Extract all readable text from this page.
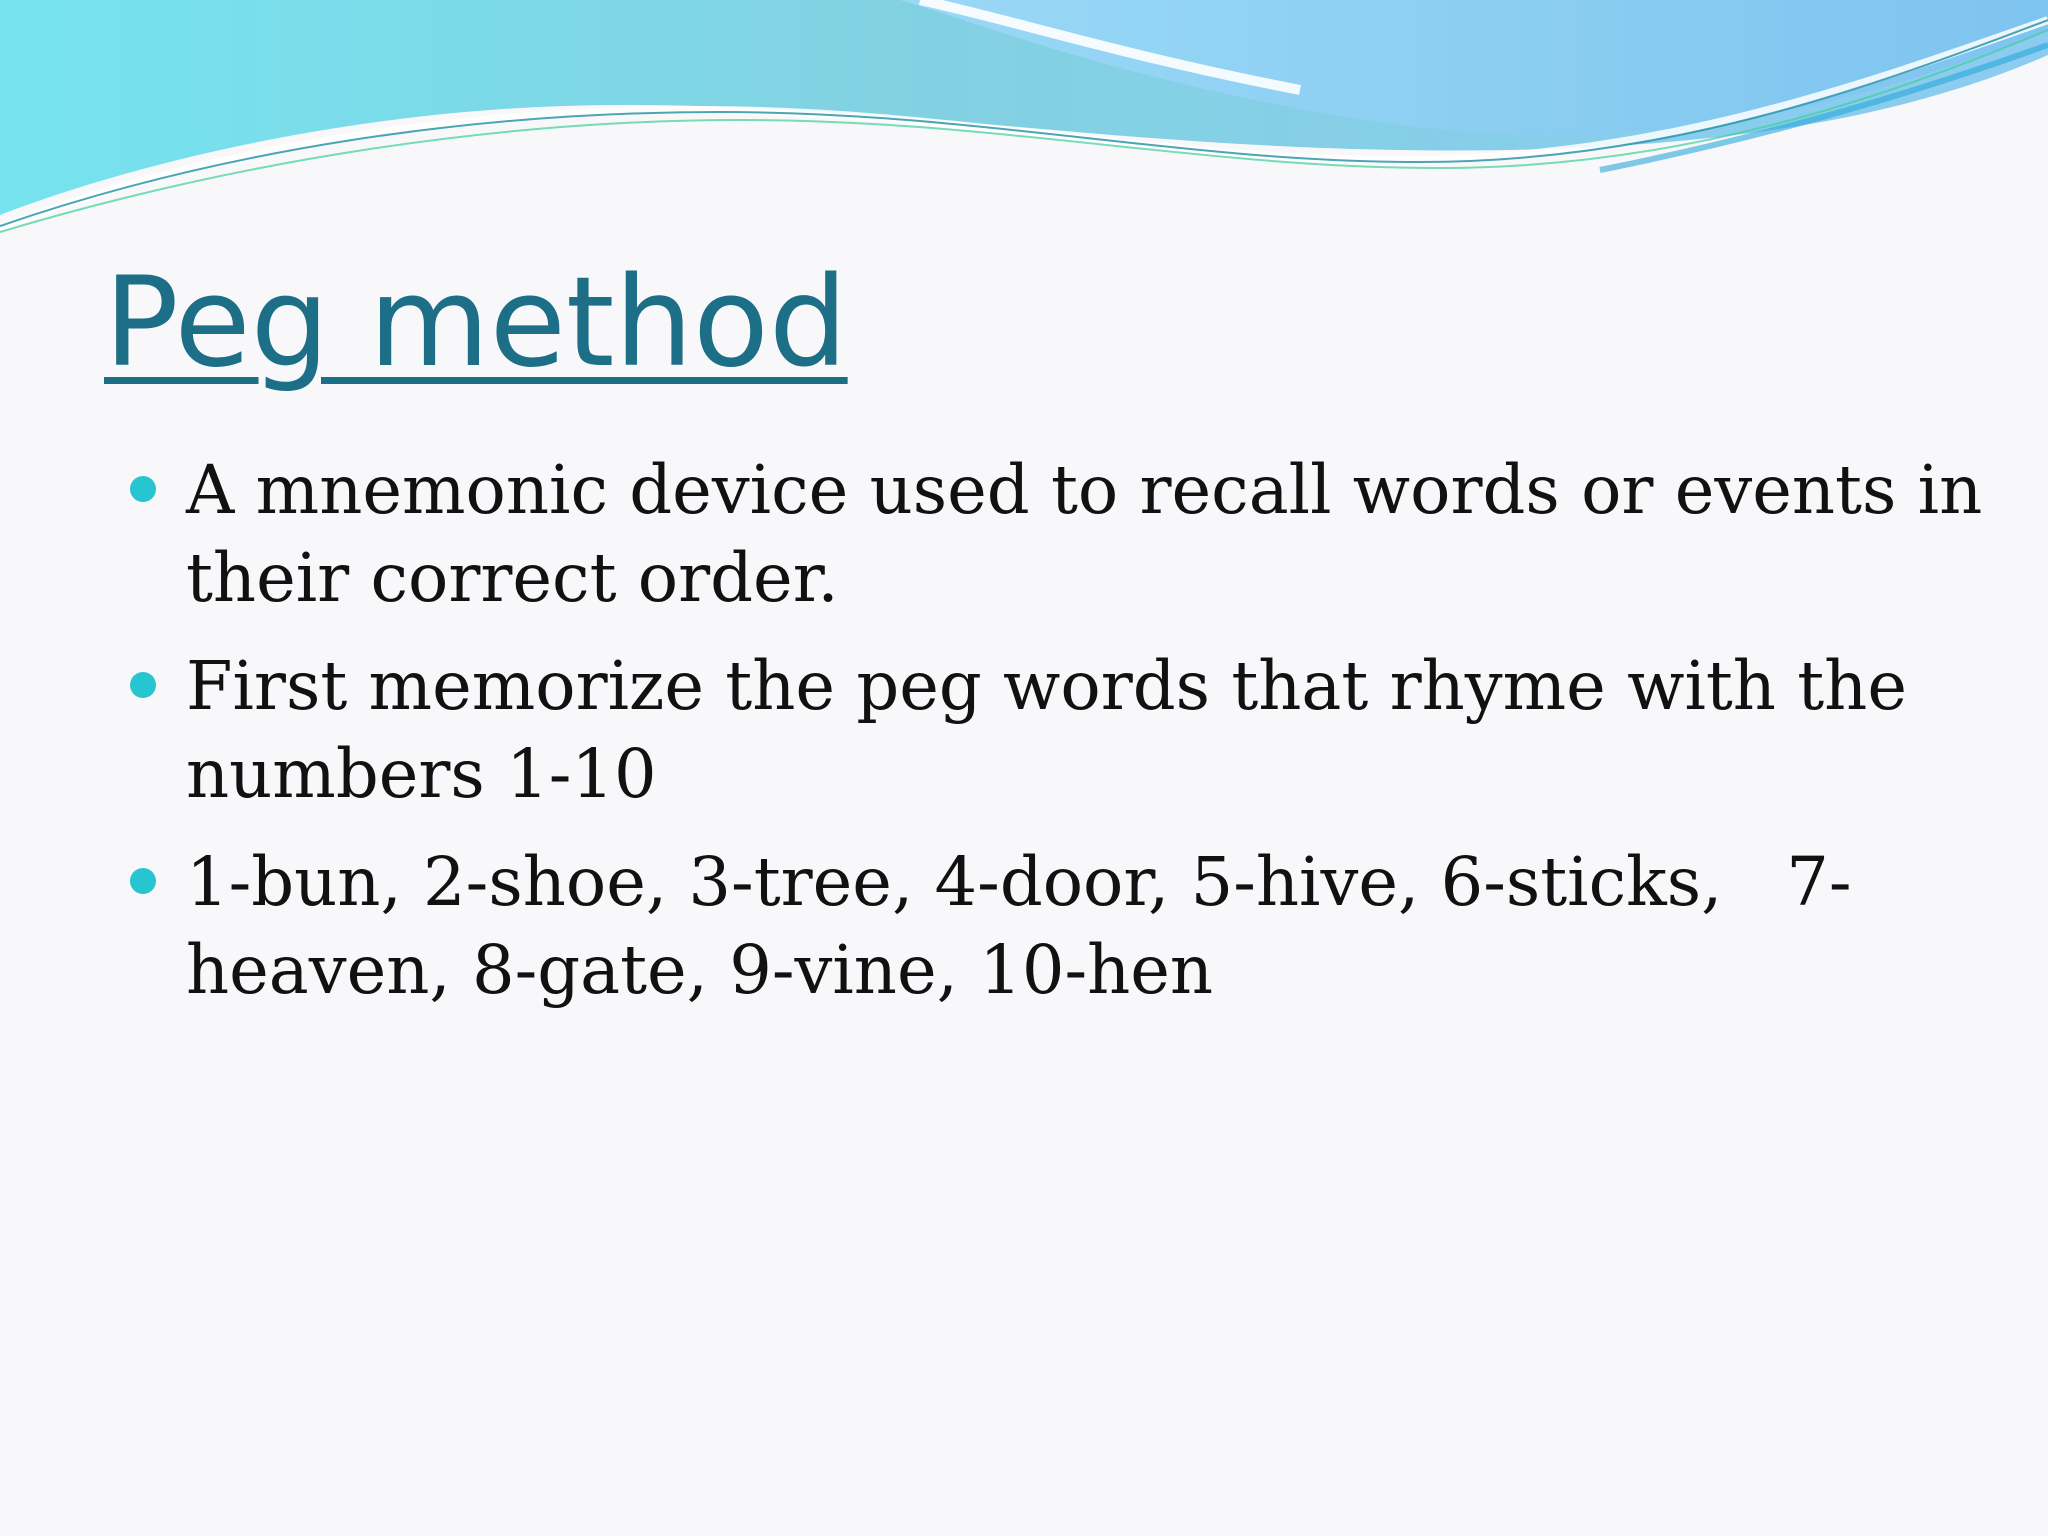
Peg method
A mnemonic device used to recall words or events in
their correct order.
First memorize the peg words that rhyme with the
numbers 1-10
1-bun, 2-shoe, 3-tree, 4-door, 5-hive, 6-sticks,   7-
heaven, 8-gate, 9-vine, 10-hen
